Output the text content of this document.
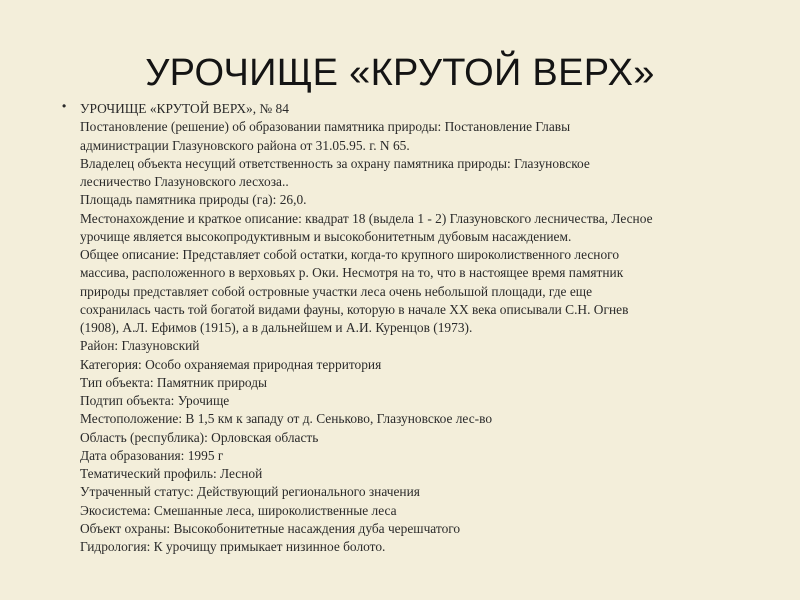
УРОЧИЩЕ «КРУТОЙ ВЕРХ»
• УРОЧИЩЕ «КРУТОЙ ВЕРХ», № 84
Постановление (решение) об образовании памятника природы: Постановление Главы
администрации Глазуновского района от 31.05.95. г. N 65.
Владелец объекта несущий ответственность за охрану памятника природы: Глазуновское
лесничество Глазуновского лесхоза..
Площадь памятника природы (га): 26,0.
Местонахождение и краткое описание: квадрат 18 (выдела 1 - 2) Глазуновского лесничества, Лесное
урочище является высокопродуктивным и высокобонитетным дубовым насаждением.
Общее описание: Представляет собой остатки, когда-то крупного широколиственного лесного
массива, расположенного в верховьях р. Оки. Несмотря на то, что в настоящее время памятник
природы представляет собой островные участки леса очень небольшой площади, где еще
сохранилась часть той богатой видами фауны, которую в начале XX века описывали С.Н. Огнев
(1908), А.Л. Ефимов (1915), а в дальнейшем и А.И. Куренцов (1973).
Район: Глазуновский
Категория: Особо охраняемая природная территория
Тип объекта: Памятник природы
Подтип объекта: Урочище
Местоположение: В 1,5 км к западу от д. Сеньково, Глазуновское лес-во
Область (республика): Орловская область
Дата образования: 1995 г
Тематический профиль: Лесной
Утраченный статус: Действующий регионального значения
Экосистема: Смешанные леса, широколиственные леса
Объект охраны: Высокобонитетные насаждения дуба черешчатого
Гидрология: К урочищу примыкает низинное болото.
